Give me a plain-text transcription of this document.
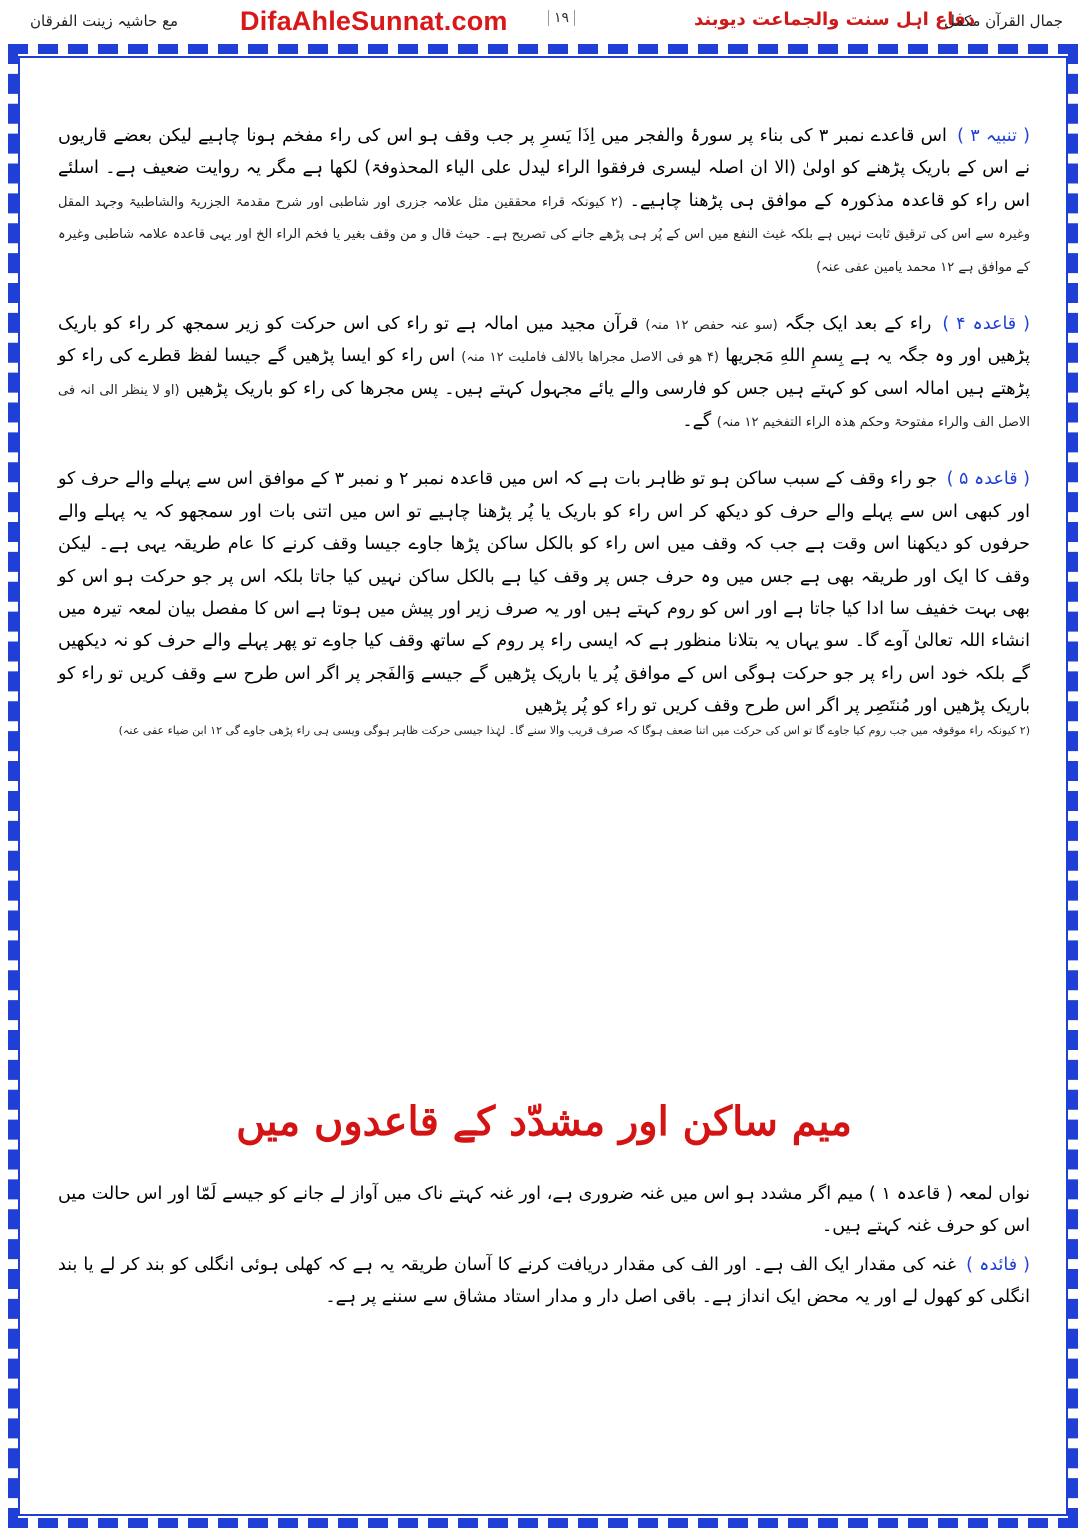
مع حاشیہ زینت الفرقان DifaAhleSunnat.com	١٩	دفاع اہل سنت والجماعت دیوبند
جمال القرآن مکمل

( تنبیہ ۳ ) اس قاعدے نمبر ۳ کی بناء پر سورۂ والفجر میں اِذَا یَسرِ پر جب وقف ہو اس کی راء مفخم ہونا چاہیے لیکن بعضے قاریوں نے اس کے باریک پڑھنے کو اولیٰ (الا ان اصلہ لیسری فرفقوا الراء لیدل علی الیاء المحذوفۃ) لکھا ہے مگر یہ روایت ضعیف ہے۔ اسلئے اس راء کو قاعدہ مذکورہ کے موافق ہی پڑھنا چاہیے۔ (۲ کیونکہ قراء محققین مثل علامہ جزری اور شاطبی اور شرح مقدمۃ الجزریۃ والشاطبیۃ وجہد المقل وغیرہ سے اس کی ترقیق ثابت نہیں ہے بلکہ غیث النفع میں اس کے پُر ہی پڑھے جانے کی تصریح ہے۔ حیث قال و من وقف بغیر یا فخم الراء الخ اور یہی قاعدہ علامہ شاطبی وغیرہ کے موافق ہے ۱۲ محمد یامین عفی عنہ)

( قاعدہ ۴ ) راء کے بعد ایک جگہ (سو عنہ حفص ۱۲ منہ) قرآن مجید میں امالہ ہے تو راء کی اس حرکت کو زیر سمجھ کر راء کو باریک پڑھیں اور وہ جگہ یہ ہے بِسمِ اللهِ مَجریها (۴ ھو فی الاصل مجراھا بالالف فاملیت ۱۲ منہ) اس راء کو ایسا پڑھیں گے جیسا لفظ قطرے کی راء کو پڑھتے ہیں امالہ اسی کو کہتے ہیں جس کو فارسی والے یائے مجہول کہتے ہیں۔ پس مجرھا کی راء کو باریک پڑھیں (او لا ینظر الی انہ فی الاصل الف والراء مفتوحۃ وحکم ھذہ الراء التفخیم ۱۲ منہ) گے۔

( قاعدہ ۵ ) جو راء وقف کے سبب ساکن ہو تو ظاہر بات ہے کہ اس میں قاعدہ نمبر ۲ و نمبر ۳ کے موافق اس سے پہلے والے حرف کو اور کبھی اس سے پہلے والے حرف کو دیکھ کر اس راء کو باریک یا پُر پڑھنا چاہیے تو اس میں اتنی بات اور سمجھو کہ یہ پہلے والے حرفوں کو دیکھنا اس وقت ہے جب کہ وقف میں اس راء کو بالکل ساکن پڑھا جاوے جیسا وقف کرنے کا عام طریقہ یہی ہے۔ لیکن وقف کا ایک اور طریقہ بھی ہے جس میں وہ حرف جس پر وقف کیا ہے بالکل ساکن نہیں کیا جاتا بلکہ اس پر جو حرکت ہو اس کو بھی بہت خفیف سا ادا کیا جاتا ہے اور اس کو روم کہتے ہیں اور یہ صرف زیر اور پیش میں ہوتا ہے اس کا مفصل بیان لمعہ تیرہ میں انشاء اللہ تعالیٰ آوے گا۔ سو یہاں یہ بتلانا منظور ہے کہ ایسی راء پر روم کے ساتھ وقف کیا جاوے تو پھر پہلے والے حرف کو نہ دیکھیں گے بلکہ خود اس راء پر جو حرکت ہوگی اس کے موافق پُر یا باریک پڑھیں گے جیسے وَالفَجر پر اگر اس طرح سے وقف کریں تو راء کو باریک پڑھیں اور مُنتَصِر پر اگر اس طرح وقف کریں تو راء کو پُر پڑھیں

(۲ کیونکہ راء موقوفہ میں جب روم کیا جاوے گا تو اس کی حرکت میں اتنا ضعف ہوگا کہ صرف قریب والا سنے گا۔ لہٰذا جیسی حرکت ظاہر ہوگی ویسی ہی راء پڑھی جاوے گی ۱۲ ابن ضیاء عفی عنہ)

میم ساکن اور مشدّد کے قاعدوں میں

نواں لمعہ ( قاعدہ ۱ ) میم اگر مشدد ہو اس میں غنہ ضروری ہے، اور غنہ کہتے ناک میں آواز لے جانے کو جیسے لَمّا اور اس حالت میں اس کو حرف غنہ کہتے ہیں۔

( فائدہ ) غنہ کی مقدار ایک الف ہے۔ اور الف کی مقدار دریافت کرنے کا آسان طریقہ یہ ہے کہ کھلی ہوئی انگلی کو بند کر لے یا بند انگلی کو کھول لے اور یہ محض ایک انداز ہے۔ باقی اصل دار و مدار استاد مشاق سے سننے پر ہے۔
